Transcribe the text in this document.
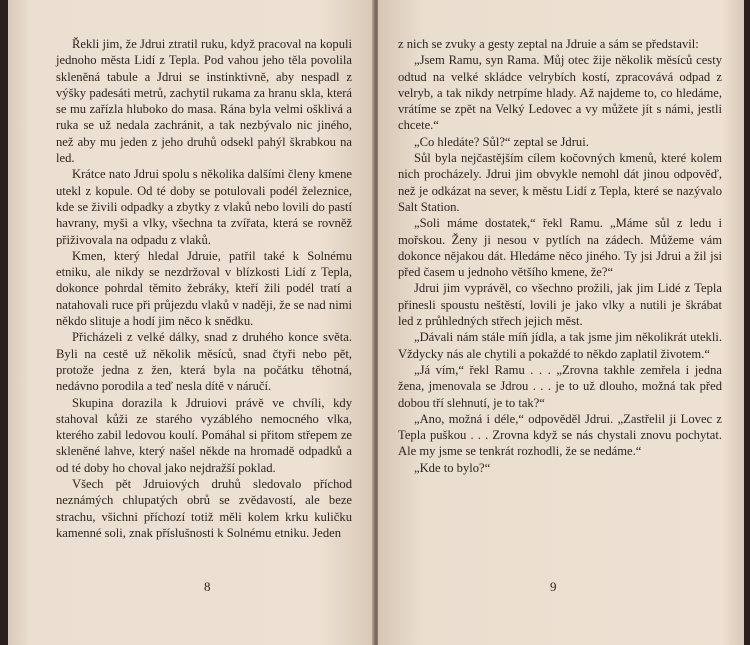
Řekli jim, že Jdrui ztratil ruku, když pracoval na kopuli jednoho města Lidí z Tepla. Pod vahou jeho těla povolila skleněná tabule a Jdrui se instinktivně, aby nespadl z výšky padesáti metrů, zachytil rukama za hranu skla, která se mu zařízla hluboko do masa. Rána byla velmi ošklivá a ruka se už nedala zachránit, a tak nezbývalo nic jiného, než aby mu jeden z jeho druhů odsekl pahýl škrabkou na led.

Krátce nato Jdrui spolu s několika dalšími členy kmene utekl z kopule. Od té doby se potulovali podél železnice, kde se živili odpadky a zbytky z vlaků nebo lovili do pastí havrany, myši a vlky, všechna ta zvířata, která se rovněž přiživovala na odpadu z vlaků.

Kmen, který hledal Jdruie, patřil také k Solnému etniku, ale nikdy se nezdržoval v blízkosti Lidí z Tepla, dokonce pohrdal těmito žebráky, kteří žili podél tratí a natahovali ruce při průjezdu vlaků v naději, že se nad nimi někdo slituje a hodí jim něco k snědku.

Přicházeli z velké dálky, snad z druhého konce světa. Byli na cestě už několik měsíců, snad čtyři nebo pět, protože jedna z žen, která byla na počátku těhotná, nedávno porodila a teď nesla dítě v náručí.

Skupina dorazila k Jdruiovi právě ve chvíli, kdy stahoval kůži ze starého vyzáblého nemocného vlka, kterého zabil ledovou koulí. Pomáhal si přitom střepem ze skleněné lahve, který našel někde na hromadě odpadků a od té doby ho choval jako nejdražší poklad.

Všech pět Jdruiových druhů sledovalo příchod neznámých chlupatých obrů se zvědavostí, ale beze strachu, všichni příchozí totiž měli kolem krku kuličku kamenné soli, znak příslušnosti k Solnému etniku. Jeden

8

z nich se zvuky a gesty zeptal na Jdruie a sám se představil:

„Jsem Ramu, syn Rama. Můj otec žije několik měsíců cesty odtud na velké skládce velrybích kostí, zpracovává odpad z velryb, a tak nikdy netrpíme hlady. Až najdeme to, co hledáme, vrátíme se zpět na Velký Ledovec a vy můžete jít s námi, jestli chcete.“

„Co hledáte? Sůl?“ zeptal se Jdrui.

Sůl byla nejčastějším cílem kočovných kmenů, které kolem nich procházely. Jdrui jim obvykle nemohl dát jinou odpověď, než je odkázat na sever, k městu Lidí z Tepla, které se nazývalo Salt Station.

„Soli máme dostatek,“ řekl Ramu. „Máme sůl z ledu i mořskou. Ženy ji nesou v pytlích na zádech. Můžeme vám dokonce nějakou dát. Hledáme něco jiného. Ty jsi Jdrui a žil jsi před časem u jednoho většího kmene, že?“

Jdrui jim vyprávěl, co všechno prožili, jak jim Lidé z Tepla přinesli spoustu neštěstí, lovili je jako vlky a nutili je škrábat led z průhledných střech jejich měst.

„Dávali nám stále míň jídla, a tak jsme jim několikrát utekli. Vždycky nás ale chytili a pokaždé to někdo zaplatil životem.“

„Já vím,“ řekl Ramu . . . „Zrovna takhle zemřela i jedna žena, jmenovala se Jdrou . . . je to už dlouho, možná tak před dobou tří slehnutí, je to tak?“

„Ano, možná i déle,“ odpověděl Jdrui. „Zastřelil ji Lovec z Tepla puškou . . . Zrovna když se nás chystali znovu pochytat. Ale my jsme se tenkrát rozhodli, že se nedáme.“

„Kde to bylo?“

9
